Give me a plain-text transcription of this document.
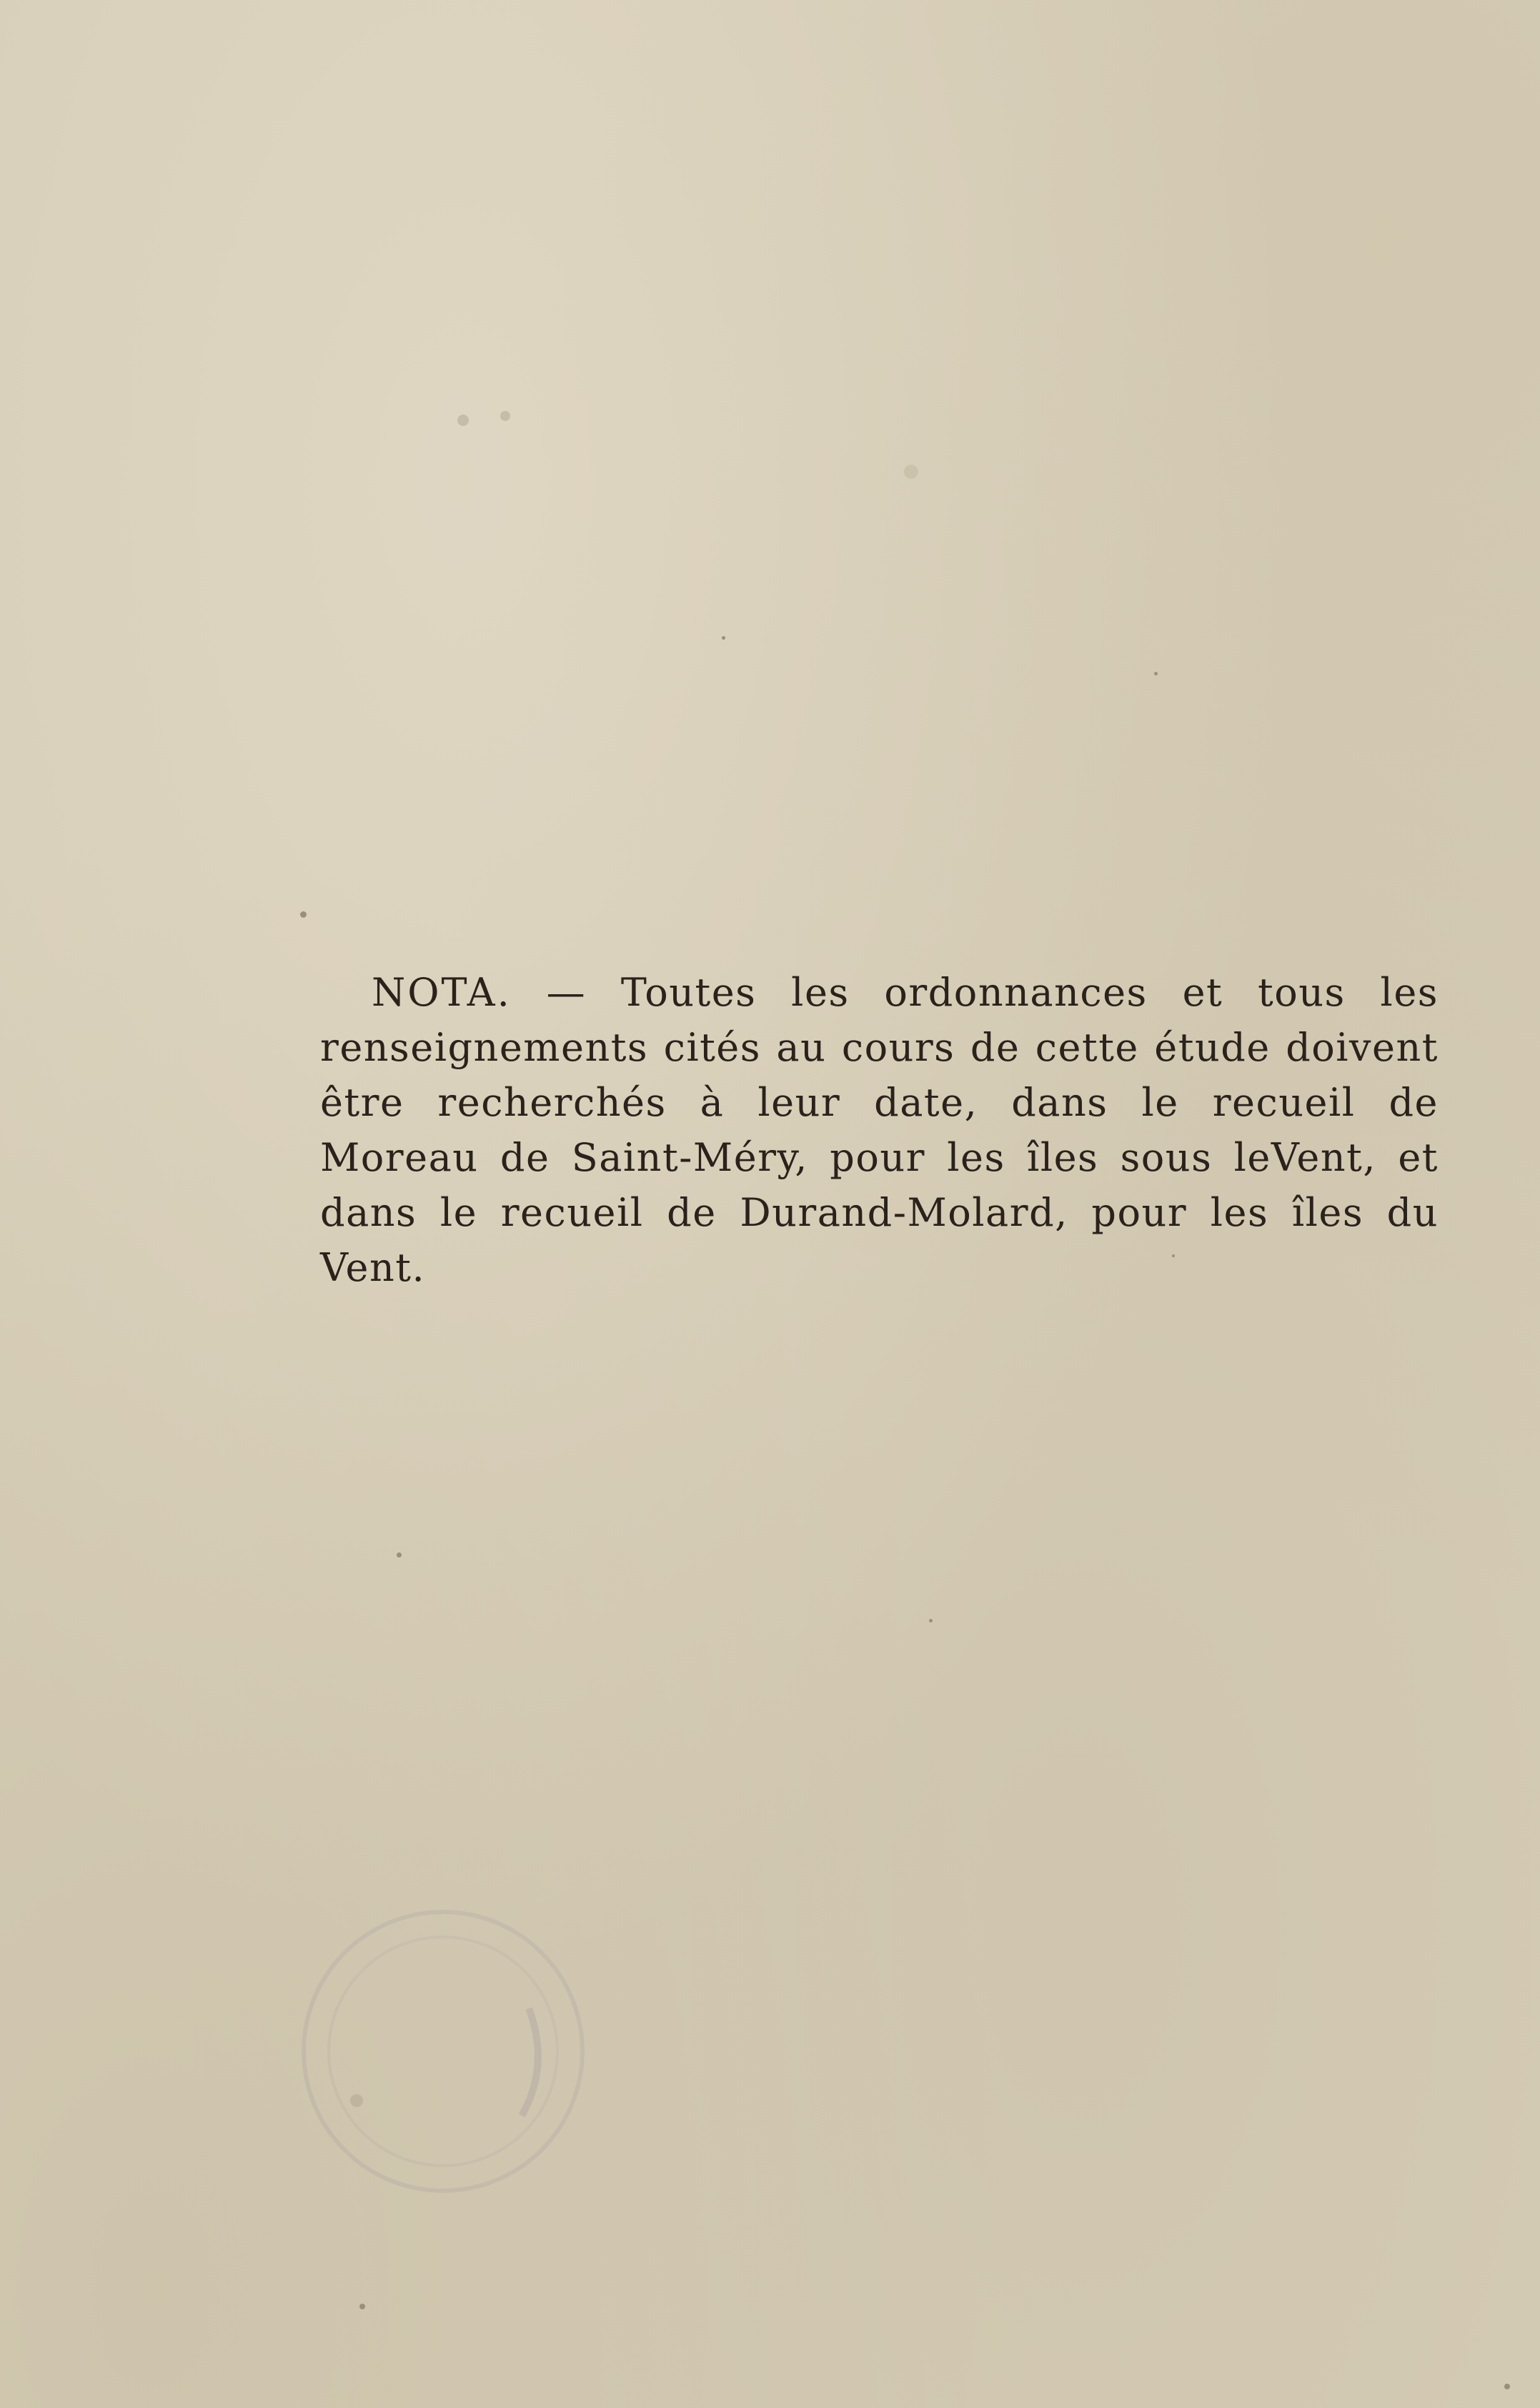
NOTA. — Toutes les ordonnances et tous les renseignements cités au cours de cette étude doivent être recherchés à leur date, dans le recueil de Moreau de Saint-Méry, pour les îles sous leVent, et dans le recueil de Durand-Molard, pour les îles du Vent.
